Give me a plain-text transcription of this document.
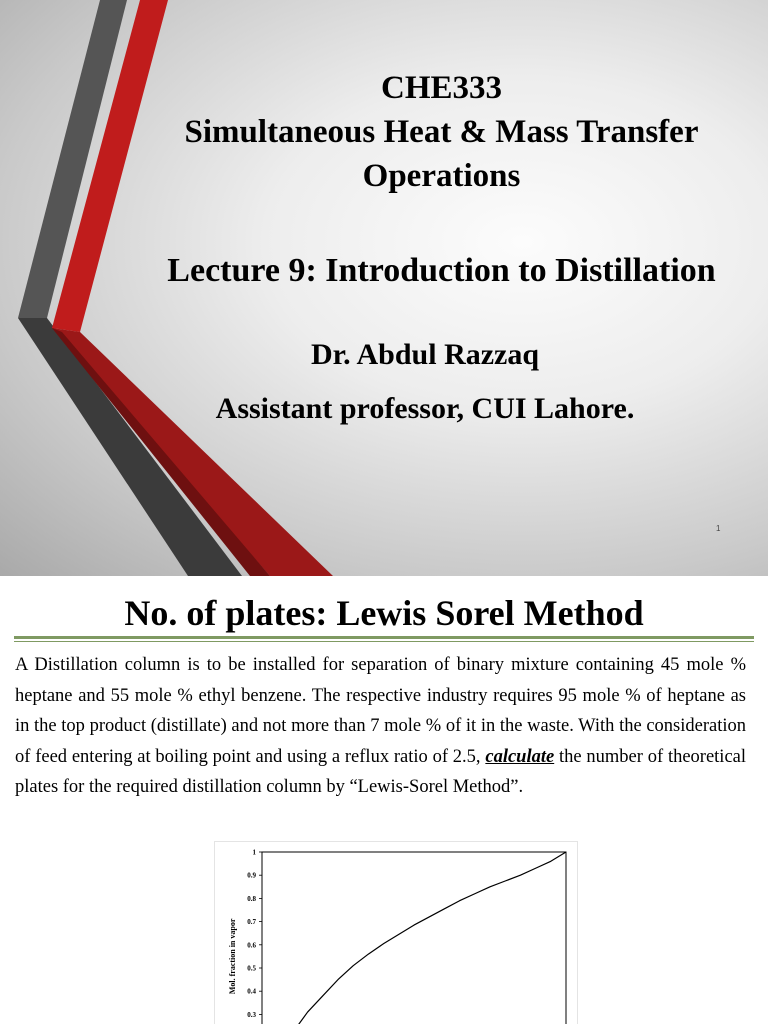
CHE333
Simultaneous Heat & Mass Transfer Operations
Lecture 9: Introduction to Distillation
Dr. Abdul Razzaq
Assistant professor, CUI Lahore.
1
No. of plates: Lewis Sorel Method
A Distillation column is to be installed for separation of binary mixture containing 45 mole % heptane and 55 mole % ethyl benzene. The respective industry requires 95 mole % of heptane as in the top product (distillate) and not more than 7 mole % of it in the waste. With the consideration of feed entering at boiling point and using a reflux ratio of 2.5, calculate the number of theoretical plates for the required distillation column by “Lewis-Sorel Method”.
0.3
0.4
0.5
0.6
0.7
0.8
0.9
1
Mol. fraction in vapor
